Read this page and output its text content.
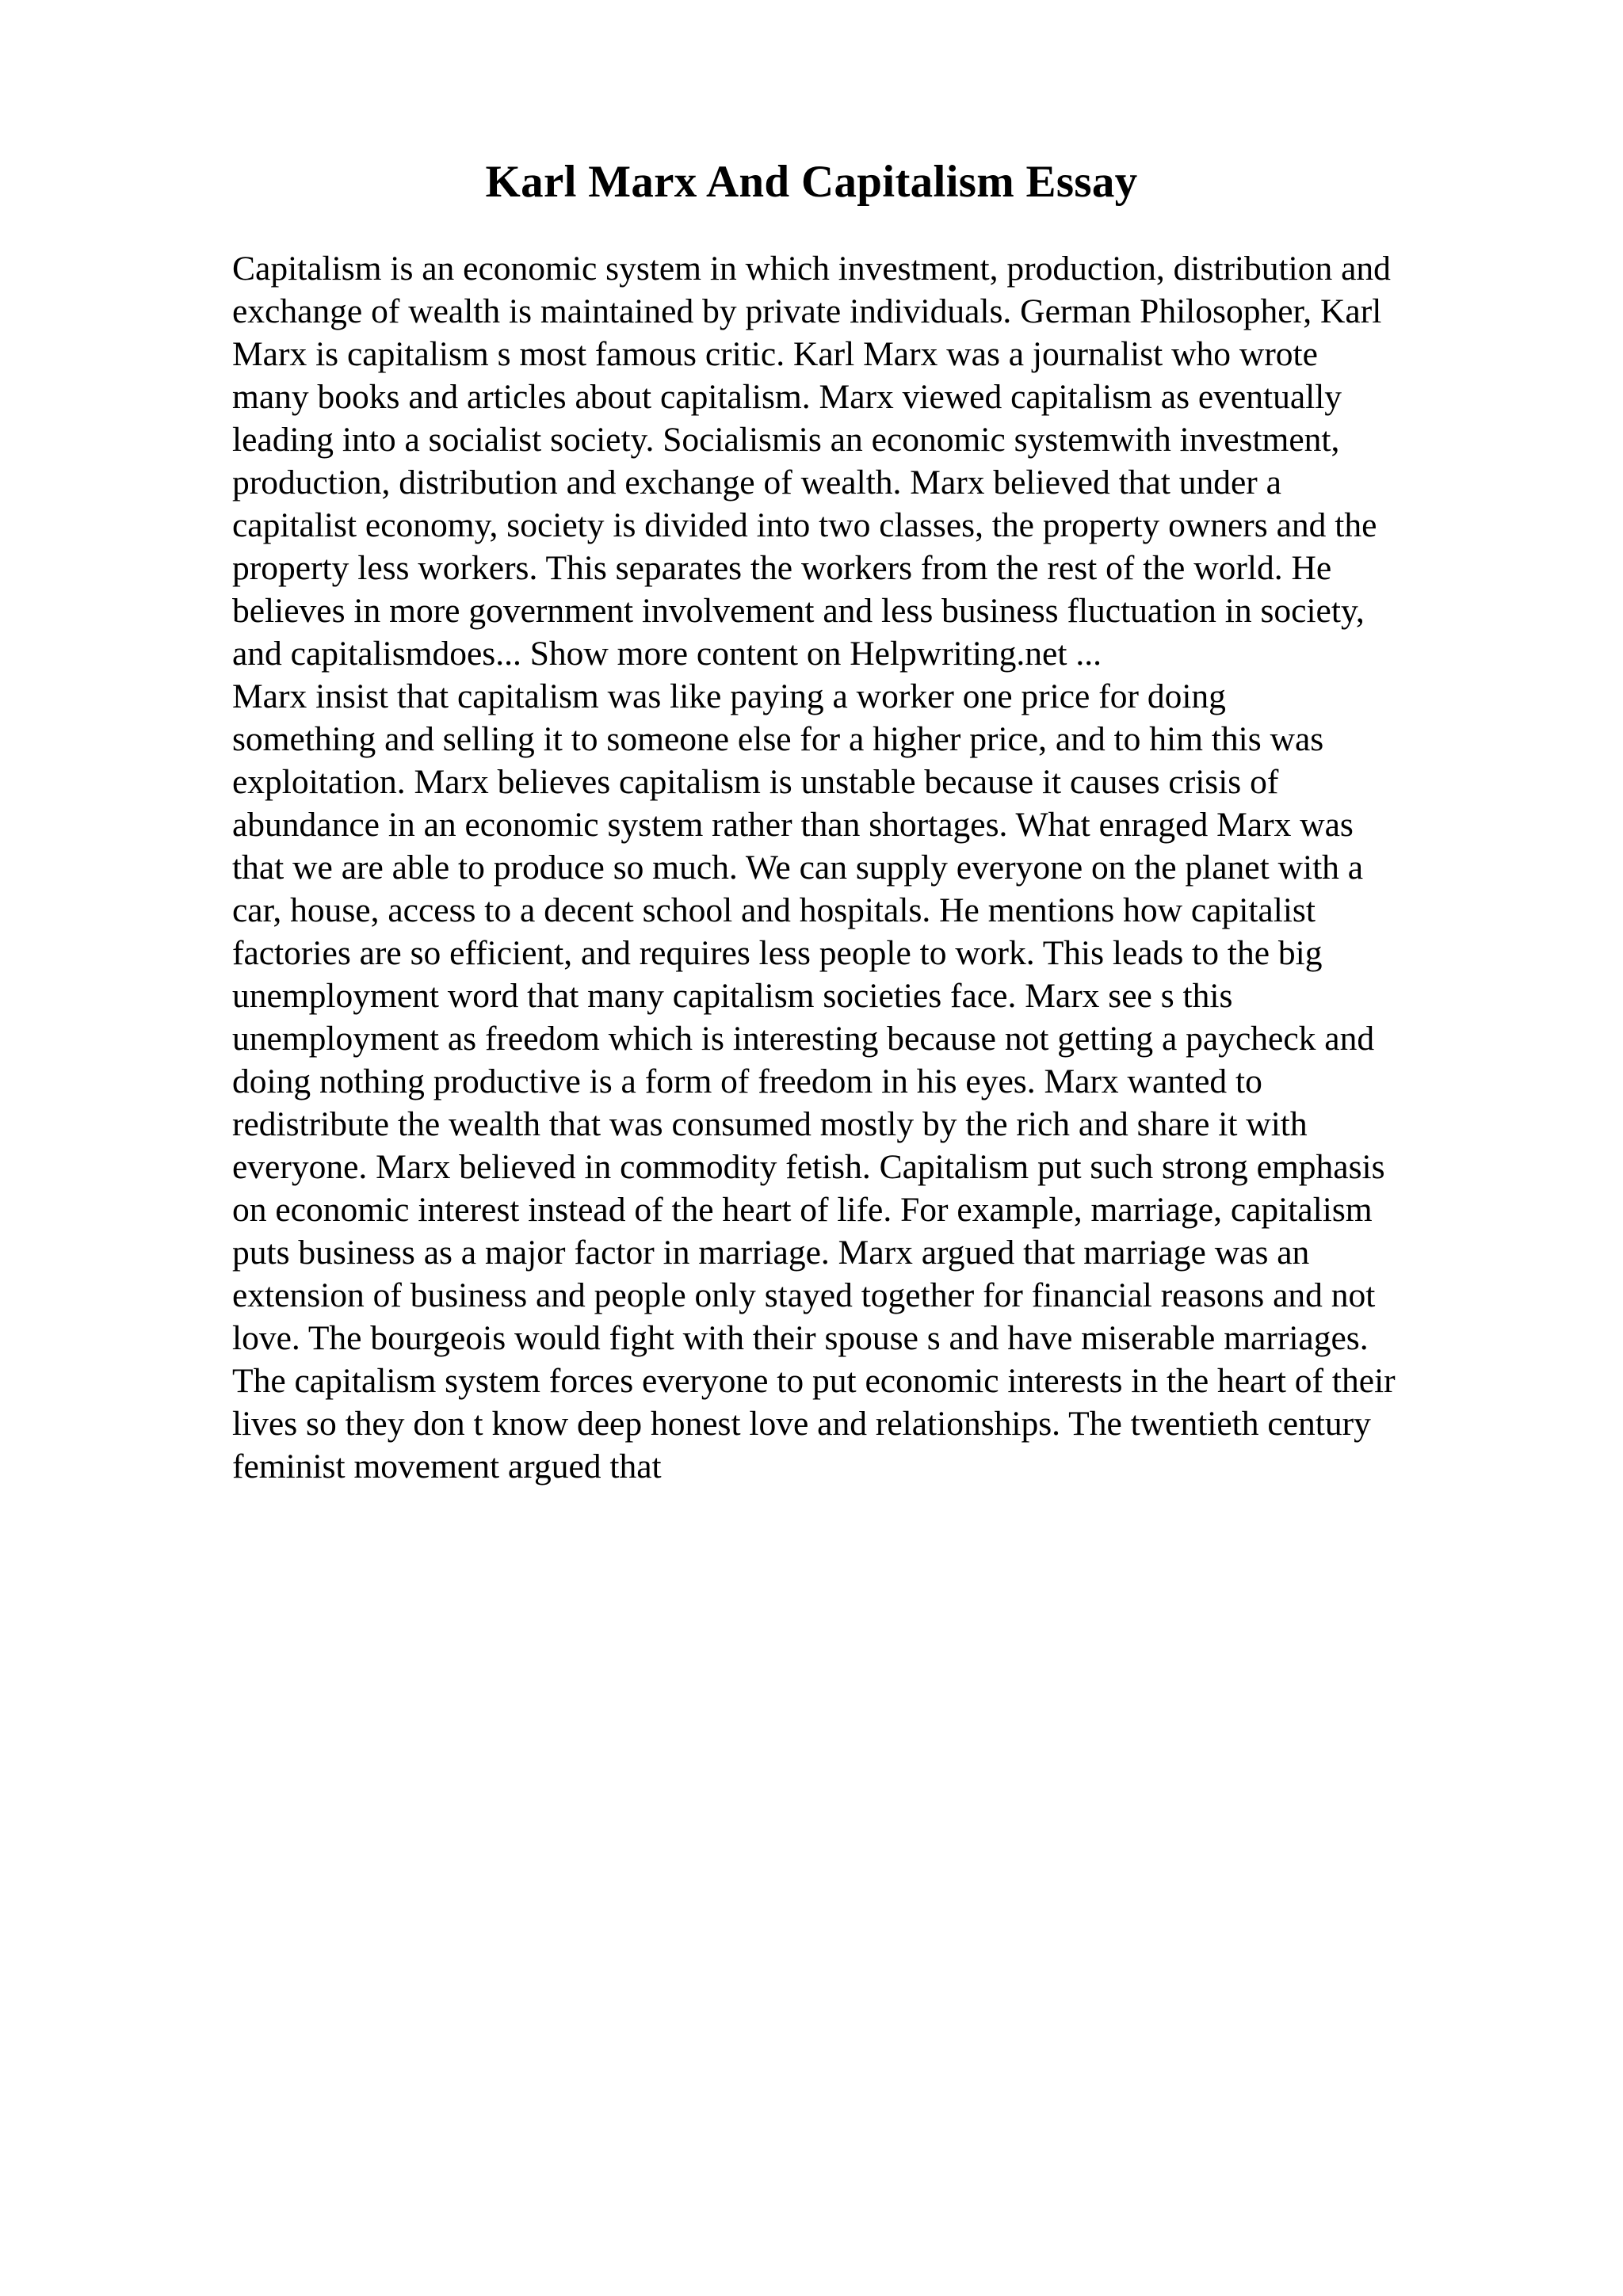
Karl Marx And Capitalism Essay
Capitalism is an economic system in which investment, production, distribution and
exchange of wealth is maintained by private individuals. German Philosopher, Karl
Marx is capitalism s most famous critic. Karl Marx was a journalist who wrote
many books and articles about capitalism. Marx viewed capitalism as eventually
leading into a socialist society. Socialismis an economic systemwith investment,
production, distribution and exchange of wealth. Marx believed that under a
capitalist economy, society is divided into two classes, the property owners and the
property less workers. This separates the workers from the rest of the world. He
believes in more government involvement and less business fluctuation in society,
and capitalismdoes... Show more content on Helpwriting.net ...
Marx insist that capitalism was like paying a worker one price for doing
something and selling it to someone else for a higher price, and to him this was
exploitation. Marx believes capitalism is unstable because it causes crisis of
abundance in an economic system rather than shortages. What enraged Marx was
that we are able to produce so much. We can supply everyone on the planet with a
car, house, access to a decent school and hospitals. He mentions how capitalist
factories are so efficient, and requires less people to work. This leads to the big
unemployment word that many capitalism societies face. Marx see s this
unemployment as freedom which is interesting because not getting a paycheck and
doing nothing productive is a form of freedom in his eyes. Marx wanted to
redistribute the wealth that was consumed mostly by the rich and share it with
everyone. Marx believed in commodity fetish. Capitalism put such strong emphasis
on economic interest instead of the heart of life. For example, marriage, capitalism
puts business as a major factor in marriage. Marx argued that marriage was an
extension of business and people only stayed together for financial reasons and not
love. The bourgeois would fight with their spouse s and have miserable marriages.
The capitalism system forces everyone to put economic interests in the heart of their
lives so they don t know deep honest love and relationships. The twentieth century
feminist movement argued that
